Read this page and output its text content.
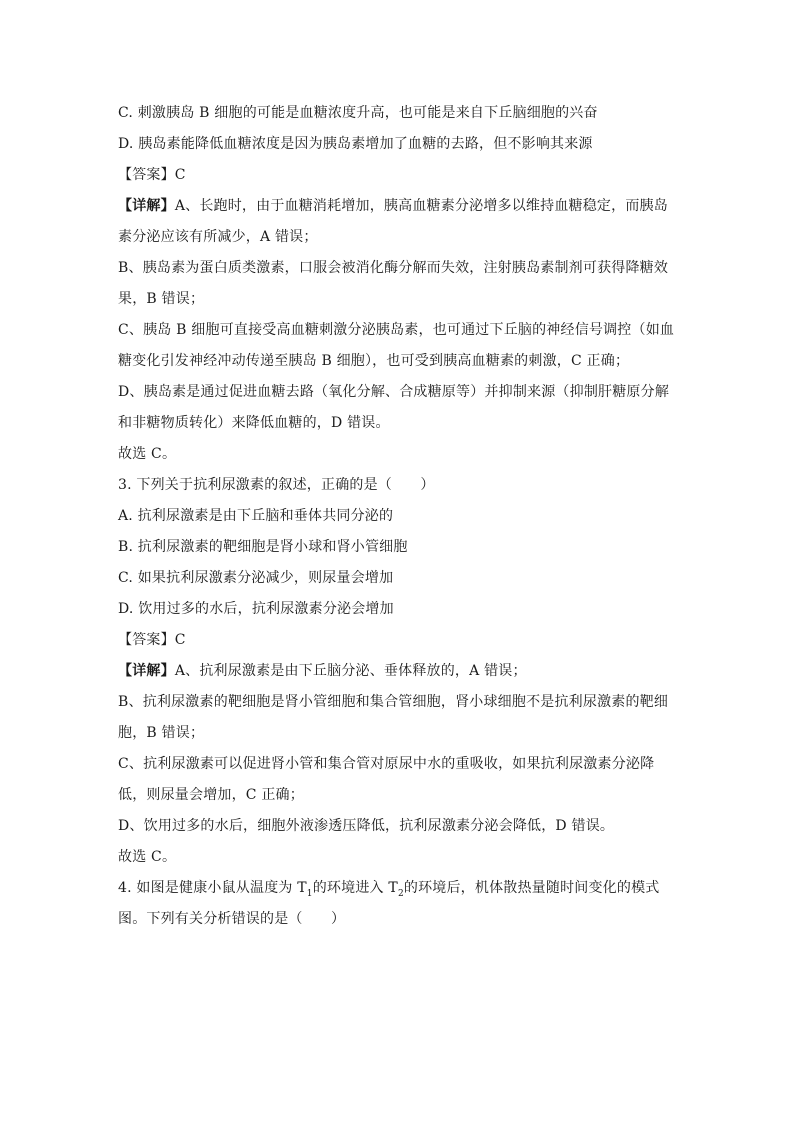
C. 刺激胰岛 B 细胞的可能是血糖浓度升高，也可能是来自下丘脑细胞的兴奋
D. 胰岛素能降低血糖浓度是因为胰岛素增加了血糖的去路，但不影响其来源
【答案】C
【详解】A、长跑时，由于血糖消耗增加，胰高血糖素分泌增多以维持血糖稳定，而胰岛
素分泌应该有所减少，A 错误；
B、胰岛素为蛋白质类激素，口服会被消化酶分解而失效，注射胰岛素制剂可获得降糖效
果，B 错误；
C、胰岛 B 细胞可直接受高血糖刺激分泌胰岛素，也可通过下丘脑的神经信号调控（如血
糖变化引发神经冲动传递至胰岛 B 细胞），也可受到胰高血糖素的刺激，C 正确；
D、胰岛素是通过促进血糖去路（氧化分解、合成糖原等）并抑制来源（抑制肝糖原分解
和非糖物质转化）来降低血糖的，D 错误。
故选 C。
3. 下列关于抗利尿激素的叙述，正确的是（　　）
A. 抗利尿激素是由下丘脑和垂体共同分泌的
B. 抗利尿激素的靶细胞是肾小球和肾小管细胞
C. 如果抗利尿激素分泌减少，则尿量会增加
D. 饮用过多的水后，抗利尿激素分泌会增加
【答案】C
【详解】A、抗利尿激素是由下丘脑分泌、垂体释放的，A 错误；
B、抗利尿激素的靶细胞是肾小管细胞和集合管细胞，肾小球细胞不是抗利尿激素的靶细
胞，B 错误；
C、抗利尿激素可以促进肾小管和集合管对原尿中水的重吸收，如果抗利尿激素分泌降
低，则尿量会增加，C 正确；
D、饮用过多的水后，细胞外液渗透压降低，抗利尿激素分泌会降低，D 错误。
故选 C。
4. 如图是健康小鼠从温度为 $T_1$的环境进入 $T_2$的环境后，机体散热量随时间变化的模式
图。下列有关分析错误的是（　　）
